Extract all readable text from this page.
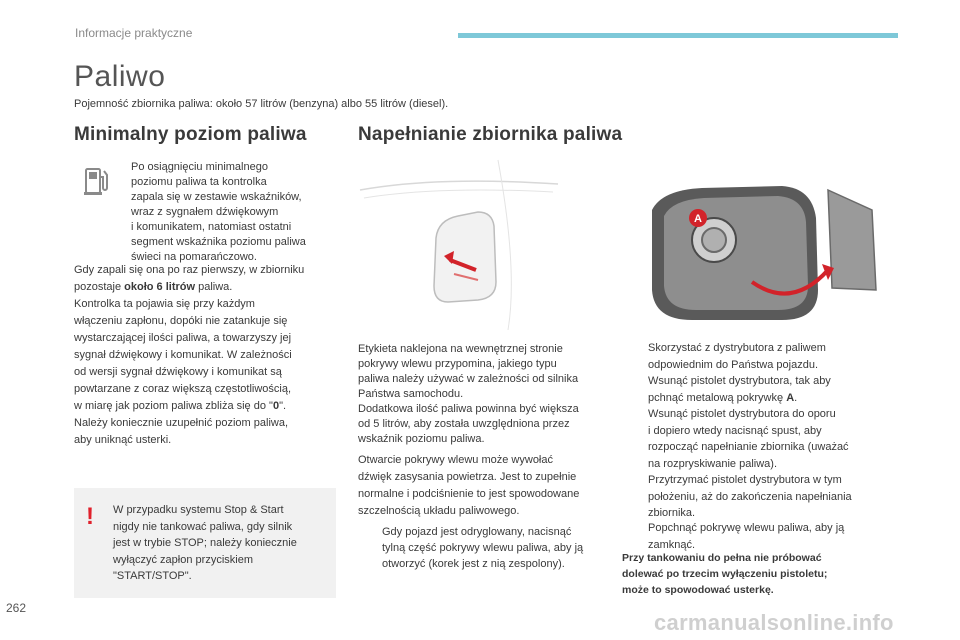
Informacje praktyczne
Paliwo
Pojemność zbiornika paliwa: około 57 litrów (benzyna) albo 55 litrów (diesel).
Minimalny poziom paliwa
Po osiągnięciu minimalnego
poziomu paliwa ta kontrolka
zapala się w zestawie wskaźników,
wraz z sygnałem dźwiękowym
i komunikatem, natomiast ostatni
segment wskaźnika poziomu paliwa
świeci na pomarańczowo.
Gdy zapali się ona po raz pierwszy, w zbiorniku
pozostaje około 6 litrów paliwa.
Kontrolka ta pojawia się przy każdym
włączeniu zapłonu, dopóki nie zatankuje się
wystarczającej ilości paliwa, a towarzyszy jej
sygnał dźwiękowy i komunikat. W zależności
od wersji sygnał dźwiękowy i komunikat są
powtarzane z coraz większą częstotliwością,
w miarę jak poziom paliwa zbliża się do "0".
Należy koniecznie uzupełnić poziom paliwa,
aby uniknąć usterki.
! W przypadku systemu Stop & Start
nigdy nie tankować paliwa, gdy silnik
jest w trybie STOP; należy koniecznie
wyłączyć zapłon przyciskiem
"START/STOP".
Napełnianie zbiornika paliwa
A
Etykieta naklejona na wewnętrznej stronie
pokrywy wlewu przypomina, jakiego typu
paliwa należy używać w zależności od silnika
Państwa samochodu.
Dodatkowa ilość paliwa powinna być większa
od 5 litrów, aby została uwzględniona przez
wskaźnik poziomu paliwa.
Otwarcie pokrywy wlewu może wywołać
dźwięk zasysania powietrza. Jest to zupełnie
normalne i podciśnienie to jest spowodowane
szczelnością układu paliwowego.
Gdy pojazd jest odryglowany, nacisnąć
tylną część pokrywy wlewu paliwa, aby ją
otworzyć (korek jest z nią zespolony).
Skorzystać z dystrybutora z paliwem
odpowiednim do Państwa pojazdu.
Wsunąć pistolet dystrybutora, tak aby
pchnąć metalową pokrywkę A.
Wsunąć pistolet dystrybutora do oporu
i dopiero wtedy nacisnąć spust, aby
rozpocząć napełnianie zbiornika (uważać
na rozpryskiwanie paliwa).
Przytrzymać pistolet dystrybutora w tym
położeniu, aż do zakończenia napełniania
zbiornika.
Popchnąć pokrywę wlewu paliwa, aby ją
zamknąć.
Przy tankowaniu do pełna nie próbować
dolewać po trzecim wyłączeniu pistoletu;
może to spowodować usterkę.
262
carmanualsonline.info
